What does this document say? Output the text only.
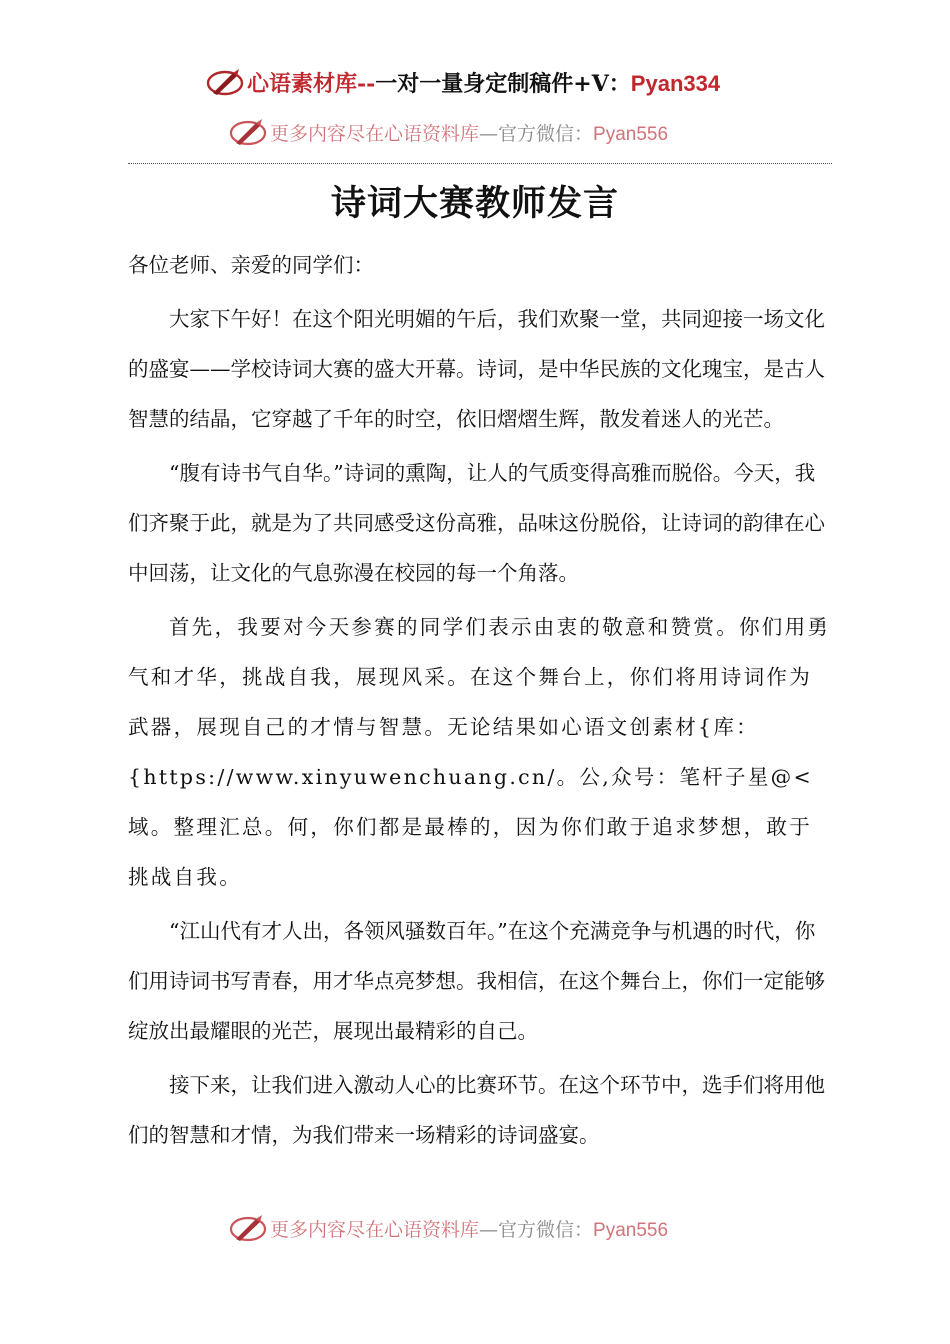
心语素材库--一对一量身定制稿件+V：Pyan334
更多内容尽在心语资料库—官方微信：Pyan556
诗词大赛教师发言

各位老师、亲爱的同学们：

大家下午好！在这个阳光明媚的午后，我们欢聚一堂，共同迎接一场文化的盛宴——学校诗词大赛的盛大开幕。诗词，是中华民族的文化瑰宝，是古人智慧的结晶，它穿越了千年的时空，依旧熠熠生辉，散发着迷人的光芒。

“腹有诗书气自华。”诗词的熏陶，让人的气质变得高雅而脱俗。今天，我们齐聚于此，就是为了共同感受这份高雅，品味这份脱俗，让诗词的韵律在心中回荡，让文化的气息弥漫在校园的每一个角落。

首先，我要对今天参赛的同学们表示由衷的敬意和赞赏。你们用勇气和才华，挑战自我，展现风采。在这个舞台上，你们将用诗词作为武器，展现自己的才情与智慧。无论结果如心语文创素材{库：{https://www.xinyuwenchuang.cn/。公,众号：笔杆子星@<域。整理汇总。何，你们都是最棒的，因为你们敢于追求梦想，敢于挑战自我。

“江山代有才人出，各领风骚数百年。”在这个充满竞争与机遇的时代，你们用诗词书写青春，用才华点亮梦想。我相信，在这个舞台上，你们一定能够绽放出最耀眼的光芒，展现出最精彩的自己。

接下来，让我们进入激动人心的比赛环节。在这个环节中，选手们将用他们的智慧和才情，为我们带来一场精彩的诗词盛宴。

更多内容尽在心语资料库—官方微信：Pyan556
